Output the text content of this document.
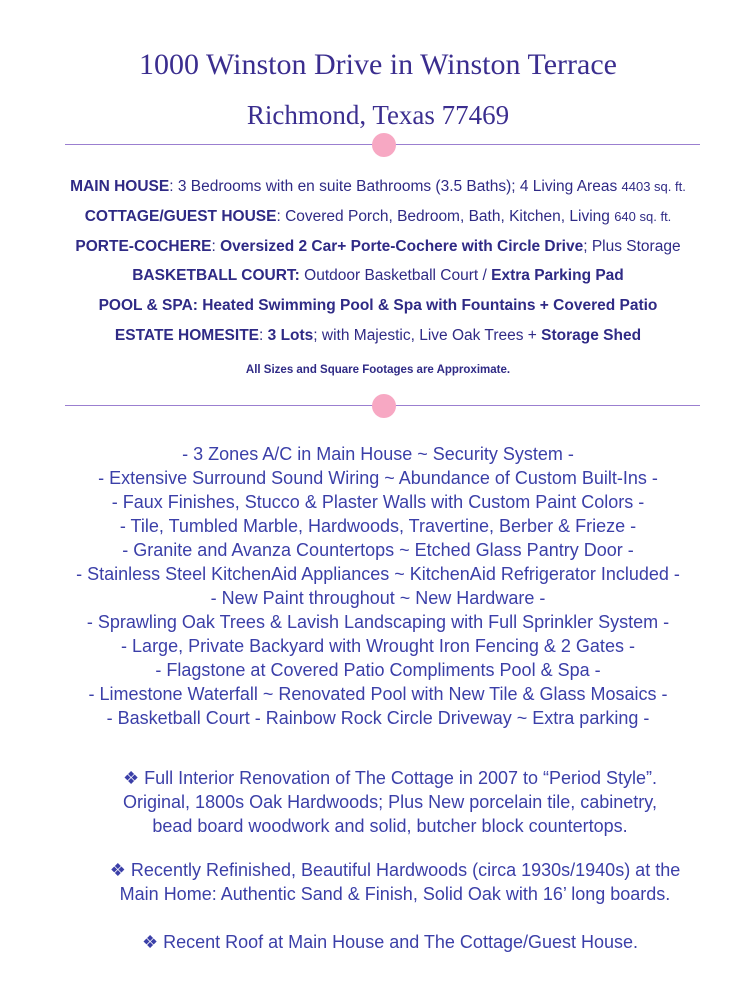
1000 Winston Drive in Winston Terrace
Richmond, Texas 77469
MAIN HOUSE: 3 Bedrooms with en suite Bathrooms (3.5 Baths); 4 Living Areas 4403 sq. ft.
COTTAGE/GUEST HOUSE: Covered Porch, Bedroom, Bath, Kitchen, Living 640 sq. ft.
PORTE-COCHERE: Oversized 2 Car+ Porte-Cochere with Circle Drive; Plus Storage
BASKETBALL COURT: Outdoor Basketball Court / Extra Parking Pad
POOL & SPA: Heated Swimming Pool & Spa with Fountains + Covered Patio
ESTATE HOMESITE: 3 Lots; with Majestic, Live Oak Trees + Storage Shed
All Sizes and Square Footages are Approximate.
- 3 Zones A/C in Main House ~ Security System -
- Extensive Surround Sound Wiring ~ Abundance of Custom Built-Ins -
- Faux Finishes, Stucco & Plaster Walls with Custom Paint Colors -
- Tile, Tumbled Marble, Hardwoods, Travertine, Berber & Frieze -
- Granite and Avanza Countertops ~ Etched Glass Pantry Door -
- Stainless Steel KitchenAid Appliances ~ KitchenAid Refrigerator Included -
- New Paint throughout ~ New Hardware -
- Sprawling Oak Trees & Lavish Landscaping with Full Sprinkler System -
- Large, Private Backyard with Wrought Iron Fencing & 2 Gates -
- Flagstone at Covered Patio Compliments Pool & Spa -
- Limestone Waterfall ~ Renovated Pool with New Tile & Glass Mosaics -
- Basketball Court - Rainbow Rock Circle Driveway ~ Extra parking -
❖ Full Interior Renovation of The Cottage in 2007 to “Period Style”.
Original, 1800s Oak Hardwoods; Plus New porcelain tile, cabinetry,
bead board woodwork and solid, butcher block countertops.
❖ Recently Refinished, Beautiful Hardwoods (circa 1930s/1940s) at the
Main Home: Authentic Sand & Finish, Solid Oak with 16’ long boards.
❖ Recent Roof at Main House and The Cottage/Guest House.
